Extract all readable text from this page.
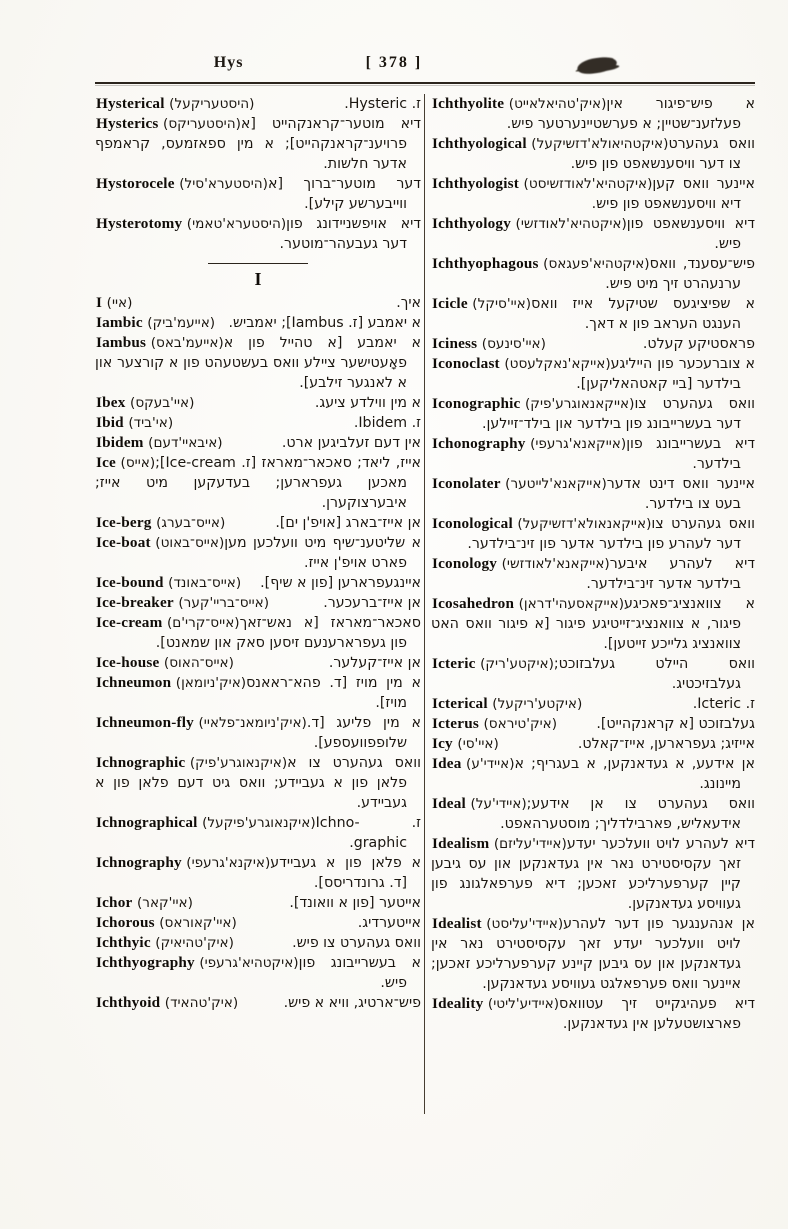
Hys	[ 378 ]

Hysterical (היסטעריקעל)	ז. Hysteric.

Hysterics (היסטעריקס) דיא מוטער־קראנקהייט [א פרויענ־קראנקהייט]; א מין ספאזמעס, קראמפף אדער חלשות.

Hystorocele (היסטערא'סיל) דער מוטער־ברוך [א ווייבערשע קילע].

Hysterotomy (היסטערא'טאמי) דיא אויפשניידונג פון דער געבעהר־מוטער.

I

I (איי)	איך.

Iambic (אייעמ'ביק) א יאמבע [ז. Iambus]; יאמביש.

Iambus (אייעמ'באס) א יאמבע [א טהייל פון א פאָעטישער ציילע וואס בעשטעהט פון א קורצער און א לאנגער זילבע].

Ibex (איי'בעקס)	א מין ווילדע ציעג.

Ibid (אי'ביד)	ז. Ibidem.

Ibidem (איבאיי'דעם)	אין דעם זעלביגען ארט.

Ice (אייס) אייז, ליאד; סאכאר־מאראז [ז. Ice-cream]; מאכען געפרארען; בעדעקען מיט אייז; איבערצוקערן.

Ice-berg (אייס־בערג)	אן אייז־בארג [אויפ'ן ים].

Ice-boat (אייס־באוט) א שליטענ־שיף מיט וועלכען מען פארט אויפ'ן אייז.

Ice-bound (אייס־באונד) איינגעפרארען [פון א שיף].

Ice-breaker (אייס־בריי'קער)	אן אייז־ברעכער.

Ice-cream (אייס־קרי'ם) סאכאר־מאראז [א נאש־זאך פון געפרארענעם זיסען סאק און שמאנט].

Ice-house (אייס־האוס)	אן אייז־קעלער.

Ichneumon (איק'ניומאן) א מין מויז [ד. פהא־ראאנס מויז].

Ichneumon-fly (איק'ניומאנ־פלאיי) א מין פליעג [ד. שלופפוועספע].

Ichnographic (איקנאוגרע'פיק) וואס געהערט צו א פלאן פון א געביידע; וואס גיט דעם פלאן פון א געביידע.

Ichnographical (איקנאוגרע'פיקעל) ז. Ichno-graphic.

Ichnography (איקנא'גרעפי) א פלאן פון א געביידע [ד. גרונדריסס].

Ichor (איי'קאר)	אייטער [פון א וואונד].

Ichorous (איי'קאוראס)	אייטערדיג.

Ichthyic (איק'טהיאיק)	וואס געהערט צו פיש.

Ichthyography (איקטהיא'גרעפי) א בעשרייבונג פון פיש.

Ichthyoid (איק'טהאיד)	פיש־ארטיג, וויא א פיש.

Ichthyolite (איק'טהיאלאייט) א פיש־פיגור אין פעלזענ־שטיין; א פערשטיינערטער פיש.

Ichthyological (איקטהיאולא'דזשיקעל) וואס געהערט צו דער וויסענשאפט פון פיש.

Ichthyologist (איקטהיא'לאודזשיסט) איינער וואס קען דיא וויסענשאפט פון פיש.

Ichthyology (איקטהיא'לאודזשי) דיא וויסענשאפט פון פיש.

Ichthyophagous (איקטהיא'פעגאס) פיש־עסענד, וואס ערנעהרט זיך מיט פיש.

Icicle (איי'סיקל) א שפיציגעס שטיקעל אייז וואס הענגט העראב פון א דאך.

Iciness (איי'סינעס)	פראסטיקע קעלט.

Iconoclast (אייקא'נאקלעסט) א צוברעכער פון הייליגע בילדער [ביי קאטהאליקען].

Iconographic (אייקאנאוגרע'פיק) וואס געהערט צו דער בעשרייבונג פון בילדער און בילד־זיילען.

Ichonography (אייקאנא'גרעפי) דיא בעשרייבונג פון בילדער.

Iconolater (אייקאנא'לייטער) איינער וואס דינט אדער בעט צו בילדער.

Iconological (אייקאנאולא'דזשיקעל) וואס געהערט צו דער לעהרע פון בילדער אדער פון זינ־בילדער.

Iconology (אייקאנא'לאודזשי) דיא לעהרע איבער בילדער אדער זינ־בילדער.

Icosahedron (אייקאסעהי'דראן) א צוואנציג־פאכיגע פיגור, א צוואנציג־זייטיגע פיגור [א פיגור וואס האט צוואנציג גלייכע זייטען].

Icteric (איקטע'ריק) וואס היילט געלבזוכט; געלבזיכטיג.

Icterical (איקטע'ריקעל)	ז. Icteric.

Icterus (איק'טיראס)	געלבזוכט [א קראנקהייט].

Icy (איי'סי)	אייזיג; געפרארען, אייז־קאלט.

Idea (איידי'ע) אן אידעע, א געדאנקען, א בעגריף; א מיינונג.

Ideal (איידי'על) וואס געהערט צו אן אידעע; אידעאליש, פארבילדליך; מוסטערהאפט.

Idealism (איידי'עליזם) דיא לעהרע לויט וועלכער יעדע זאך עקסיסטירט נאר אין געדאנקען און עס גיבען קיין קערפערליכע זאכען; דיא פערפאלגונג פון געוויסע געדאנקען.

Idealist (איידי'עליסט) אן אנהענגער פון דער לעהרע לויט וועלכער יעדע זאך עקסיסטירט נאר אין געדאנקען און עס גיבען קיינע קערפערליכע זאכען; איינער וואס פערפאלגט געוויסע געדאנקען.

Ideality (איידיע'ליטי) דיא פעהיגקייט זיך עטוואס פארצושטעלען אין געדאנקען.
